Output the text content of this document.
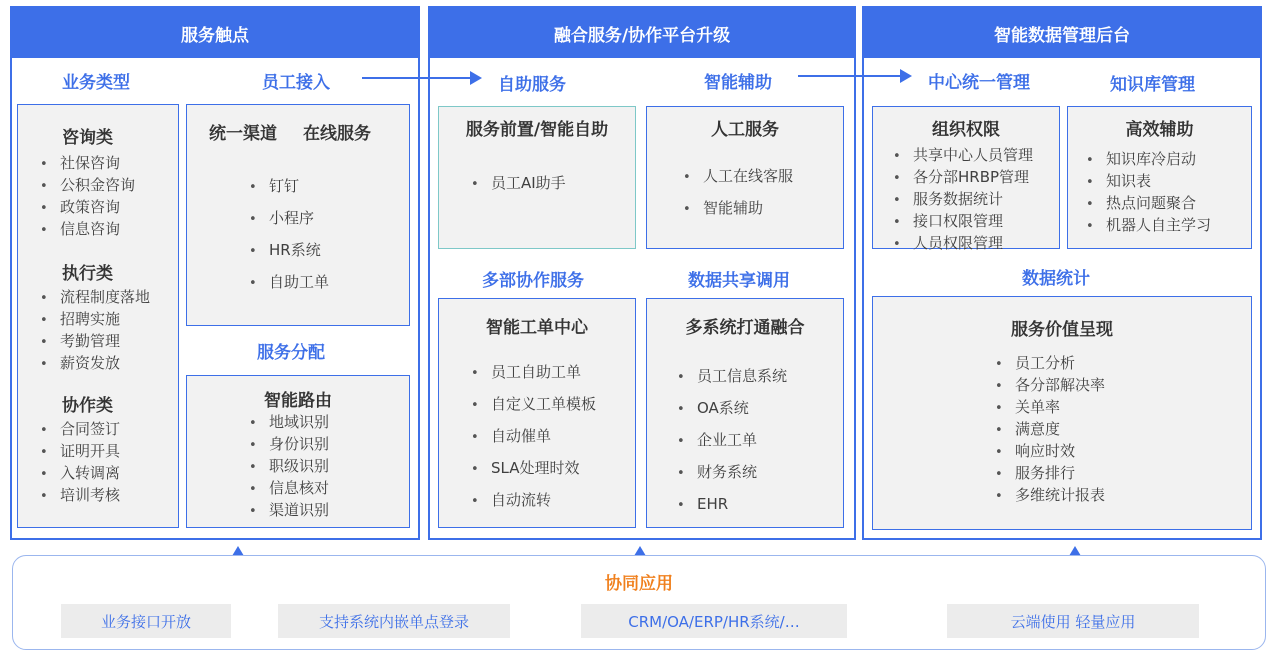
服务触点
业务类型	员工接入
咨询类
• 社保咨询
• 公积金咨询
• 政策咨询
• 信息咨询
执行类
• 流程制度落地
• 招聘实施
• 考勤管理
• 薪资发放
协作类
• 合同签订
• 证明开具
• 入转调离
• 培训考核
统一渠道 在线服务
• 钉钉
• 小程序
• HR系统
• 自助工单
服务分配
智能路由
• 地域识别
• 身份识别
• 职级识别
• 信息核对
• 渠道识别
融合服务/协作平台升级
自助服务	智能辅助
服务前置/智能自助
• 员工AI助手
人工服务
• 人工在线客服
• 智能辅助
多部协作服务	数据共享调用
智能工单中心
• 员工自助工单
• 自定义工单模板
• 自动催单
• SLA处理时效
• 自动流转
多系统打通融合
• 员工信息系统
• OA系统
• 企业工单
• 财务系统
• EHR
智能数据管理后台
中心统一管理	知识库管理
组织权限
• 共享中心人员管理
• 各分部HRBP管理
• 服务数据统计
• 接口权限管理
• 人员权限管理
高效辅助
• 知识库冷启动
• 知识表
• 热点问题聚合
• 机器人自主学习
数据统计
服务价值呈现
• 员工分析
• 各分部解决率
• 关单率
• 满意度
• 响应时效
• 服务排行
• 多维统计报表
协同应用
业务接口开放	支持系统内嵌单点登录	CRM/OA/ERP/HR系统/…	云端使用 轻量应用
